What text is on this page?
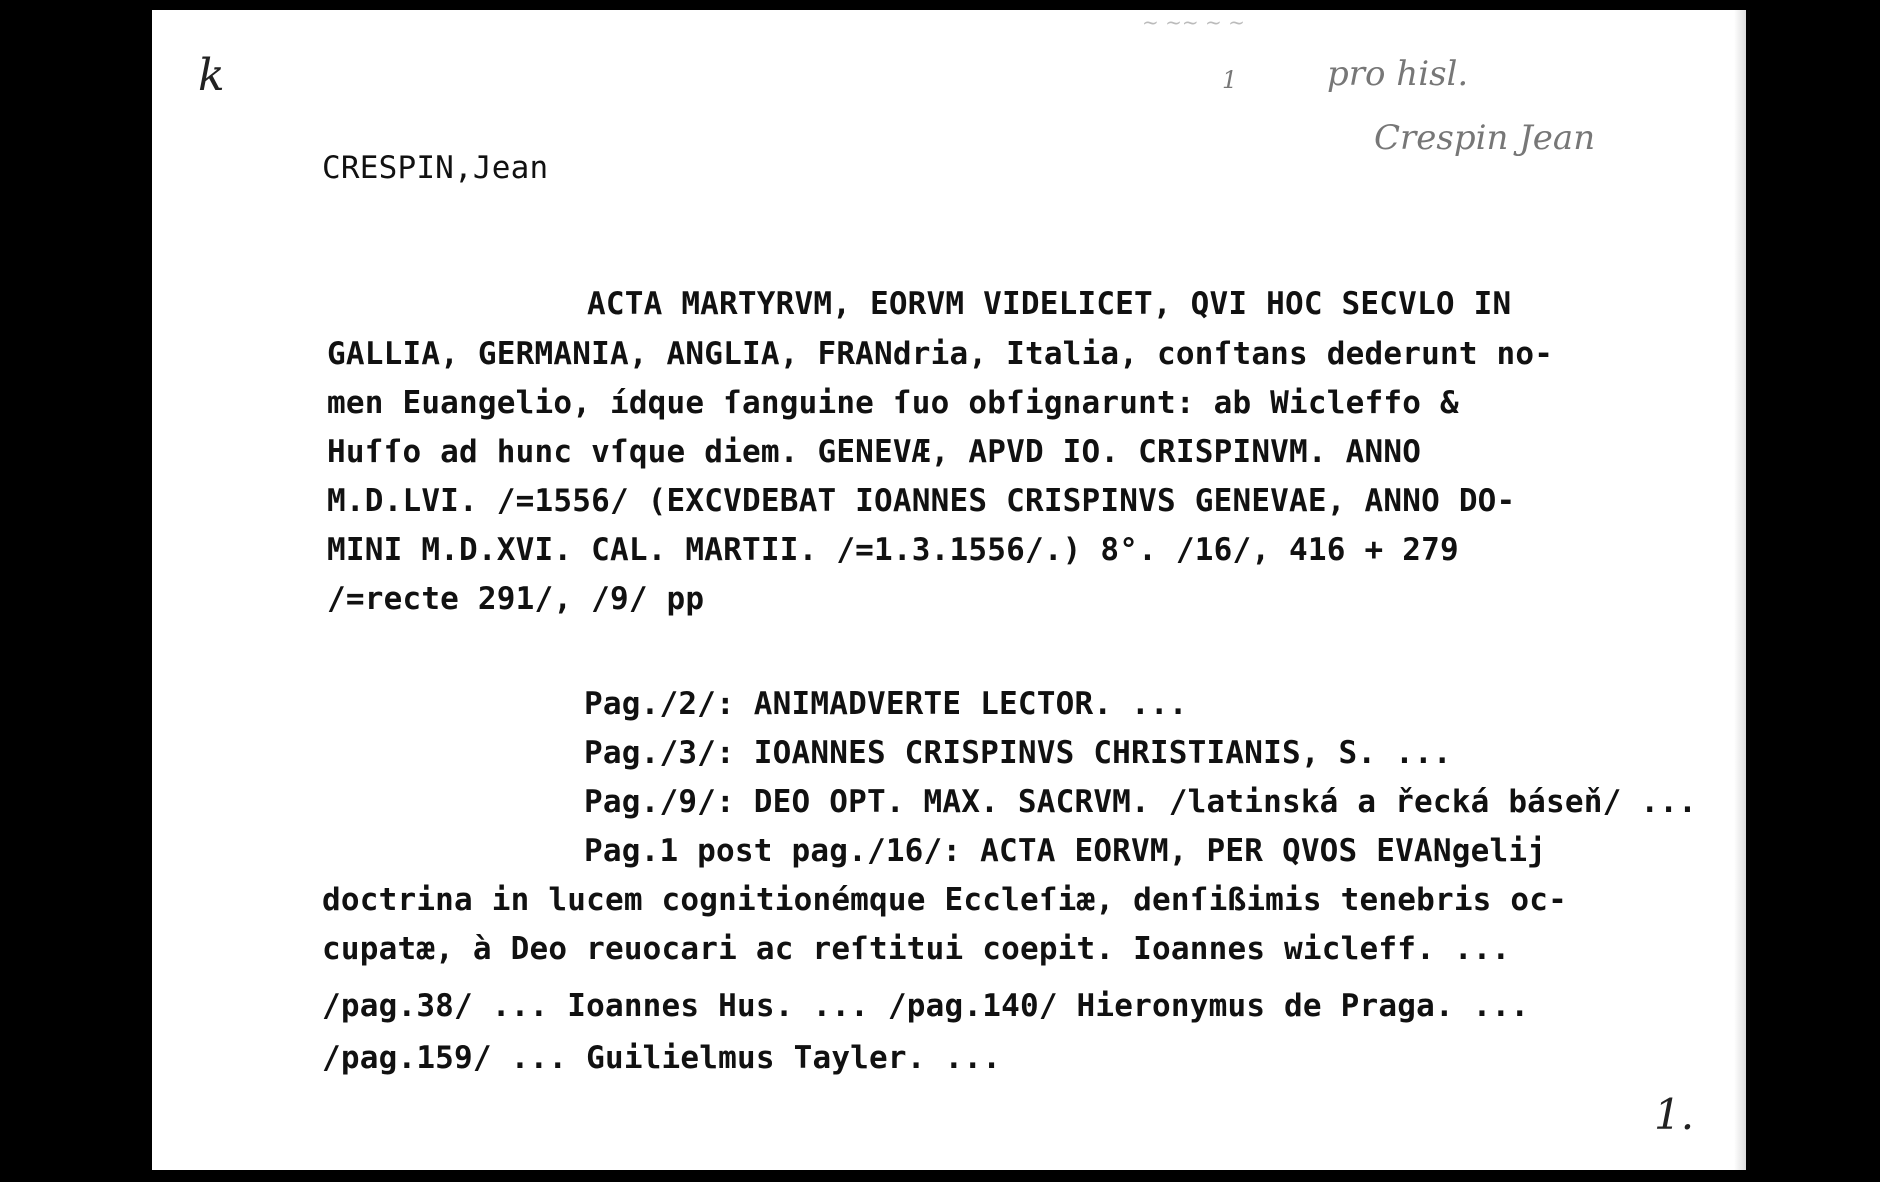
k
~ ~~ ~ ~
1	pro hisl.
Crespin Jean
1.
CRESPIN,Jean
ACTA MARTYRVM, EORVM VIDELICET, QVI HOC SECVLO IN
GALLIA, GERMANIA, ANGLIA, FRANdria, Italia, conſtans dederunt no-
men Euangelio, ídque ſanguine ſuo obſignarunt: ab Wicleffo &
Huſſo ad hunc vſque diem. GENEVÆ, APVD IO. CRISPINVM. ANNO
M.D.LVI. /=1556/ (EXCVDEBAT IOANNES CRISPINVS GENEVAE, ANNO DO-
MINI M.D.XVI. CAL. MARTII. /=1.3.1556/.) 8°. /16/, 416 + 279
/=recte 291/, /9/ pp
Pag./2/: ANIMADVERTE LECTOR. ...
Pag./3/: IOANNES CRISPINVS CHRISTIANIS, S. ...
Pag./9/: DEO OPT. MAX. SACRVM. /latinská a řecká báseň/ ...
Pag.1 post pag./16/: ACTA EORVM, PER QVOS EVANgelij
doctrina in lucem cognitionémque Eccleſiæ, denſißimis tenebris oc-
cupatæ, à Deo reuocari ac reſtitui coepit. Ioannes wicleff. ...
/pag.38/ ... Ioannes Hus. ... /pag.140/ Hieronymus de Praga. ...
/pag.159/ ... Guilielmus Tayler. ...
